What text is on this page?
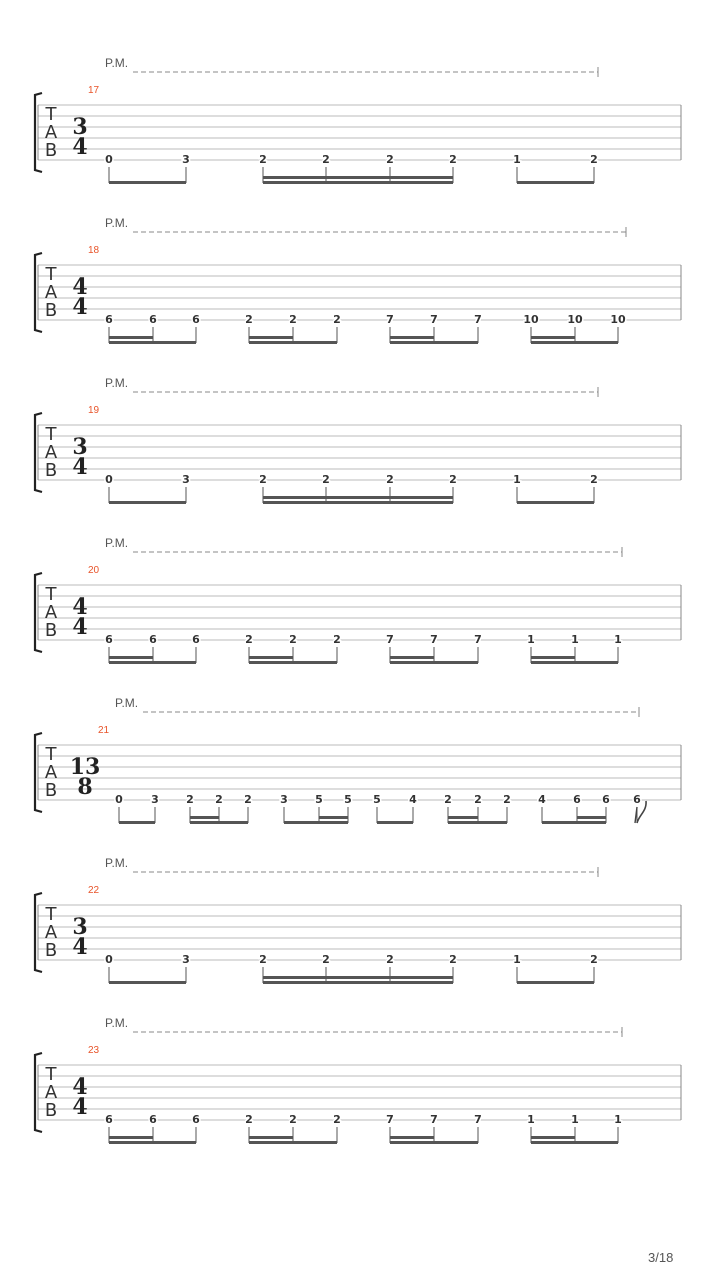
P.M.
17
T
A
B
3
4 0	3	2	2	2	2	1	2
P.M.
18
T
A
B
4
4 6	6	6	2	2	2	7	7	7	10	10	10
P.M.
19
T
A
B
3
4 0	3	2	2	2	2	1	2
P.M.
20
T
A
B
4
4 6	6	6	2	2	2	7	7	7	1	1	1
P.M.
21
T
A
B
13
8 0	3 2 2 2	3 5 5 5	4 2 2 2 4 6 6 6
P.M.
22
T
A
B
3
4 0	3	2	2	2	2	1	2
P.M.
23
T
A
B
4
4 6	6	6	2	2	2	7	7	7	1	1	1
3/18
